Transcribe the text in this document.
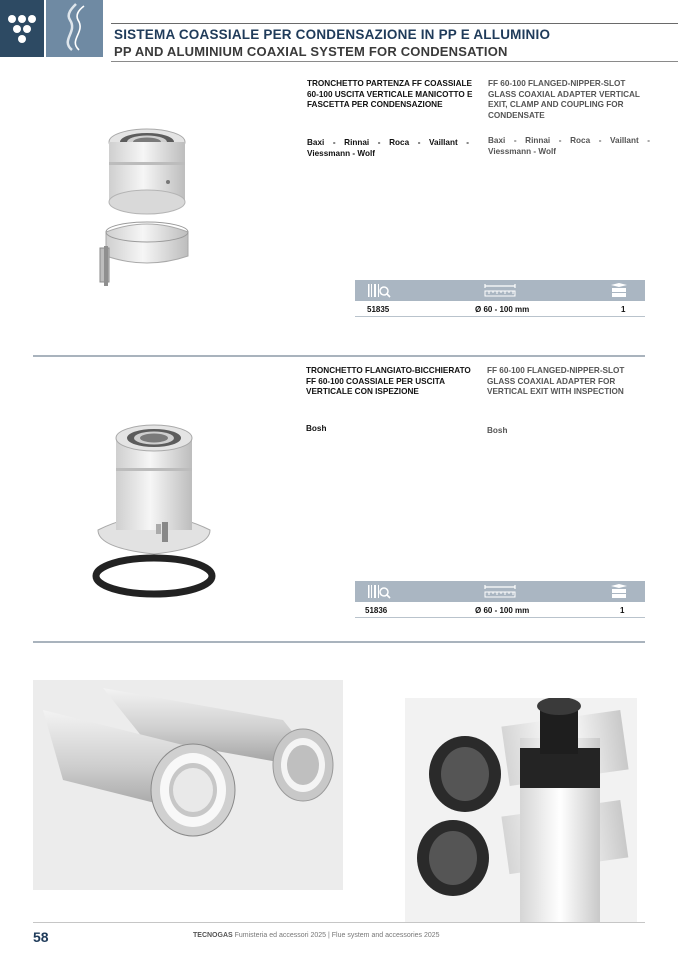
SISTEMA COASSIALE PER CONDENSAZIONE IN PP E ALLUMINIO
PP AND ALUMINIUM COAXIAL SYSTEM FOR CONDENSATION
TRONCHETTO PARTENZA FF COASSIALE 60-100 USCITA VERTICALE MANICOTTO E FASCETTA PER CONDENSAZIONE
FF 60-100 FLANGED-NIPPER-SLOT GLASS COAXIAL ADAPTER VERTICAL EXIT, CLAMP AND COUPLING FOR CONDENSATE
Baxi - Rinnai - Roca - Vaillant - Viessmann - Wolf
Baxi - Rinnai - Roca - Vaillant - Viessmann - Wolf
51835	Ø 60 - 100 mm	1
TRONCHETTO FLANGIATO-BICCHIERATO FF 60-100 COASSIALE PER USCITA VERTICALE CON ISPEZIONE
FF 60-100 FLANGED-NIPPER-SLOT GLASS COAXIAL ADAPTER FOR VERTICAL EXIT WITH INSPECTION
Bosh	Bosh
51836	Ø 60 - 100 mm	1
58	TECNOGAS Fumisteria ed accessori 2025 | Flue system and accessories 2025
